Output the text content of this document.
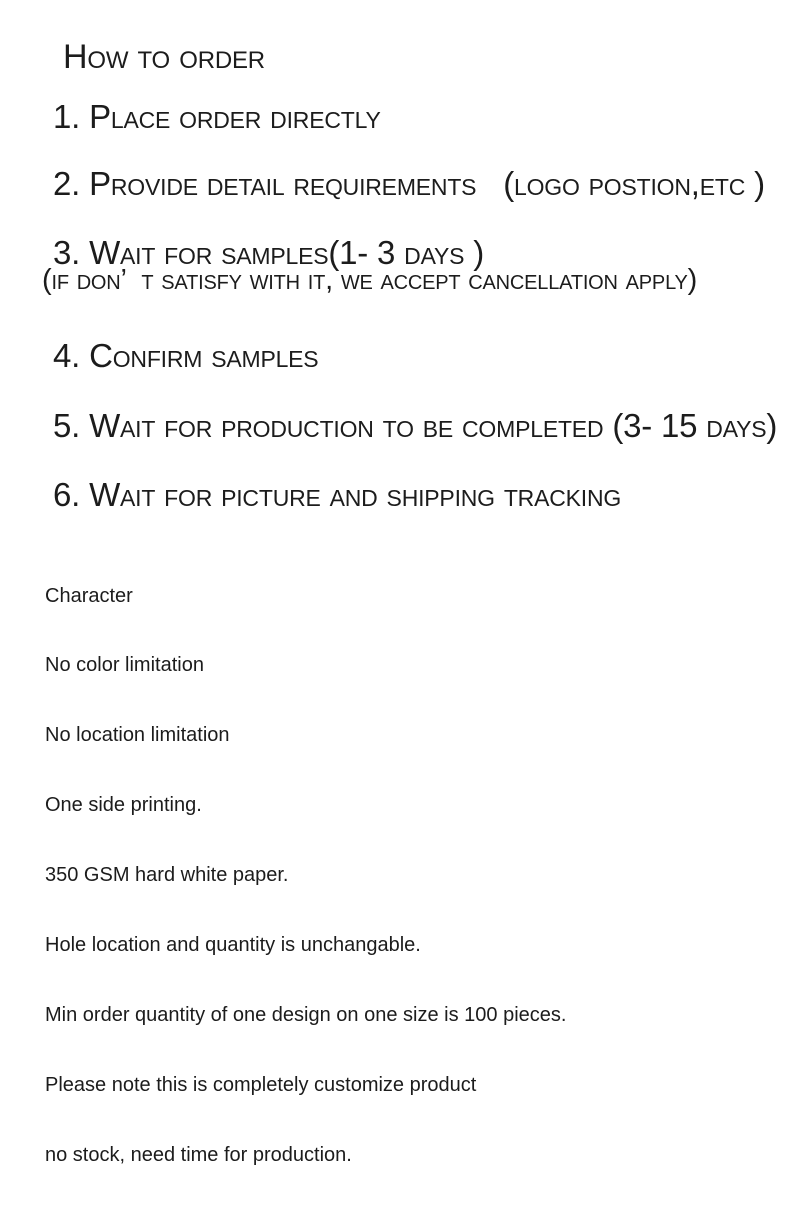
How to order
1. Place order directly
2. Provide detail requirements   (logo postion,etc )
3. Wait for samples(1- 3 days )
(if don’  t satisfy with it, we accept cancellation apply)
4. Confirm samples
5. Wait for production to be completed (3- 15 days)
6. Wait for picture and shipping tracking

Character

No color limitation

No location limitation

One side printing.

350 GSM hard white paper.

Hole location and quantity is unchangable.

Min order quantity of one design on one size is 100 pieces.

Please note this is completely customize product

no stock, need time for production.
